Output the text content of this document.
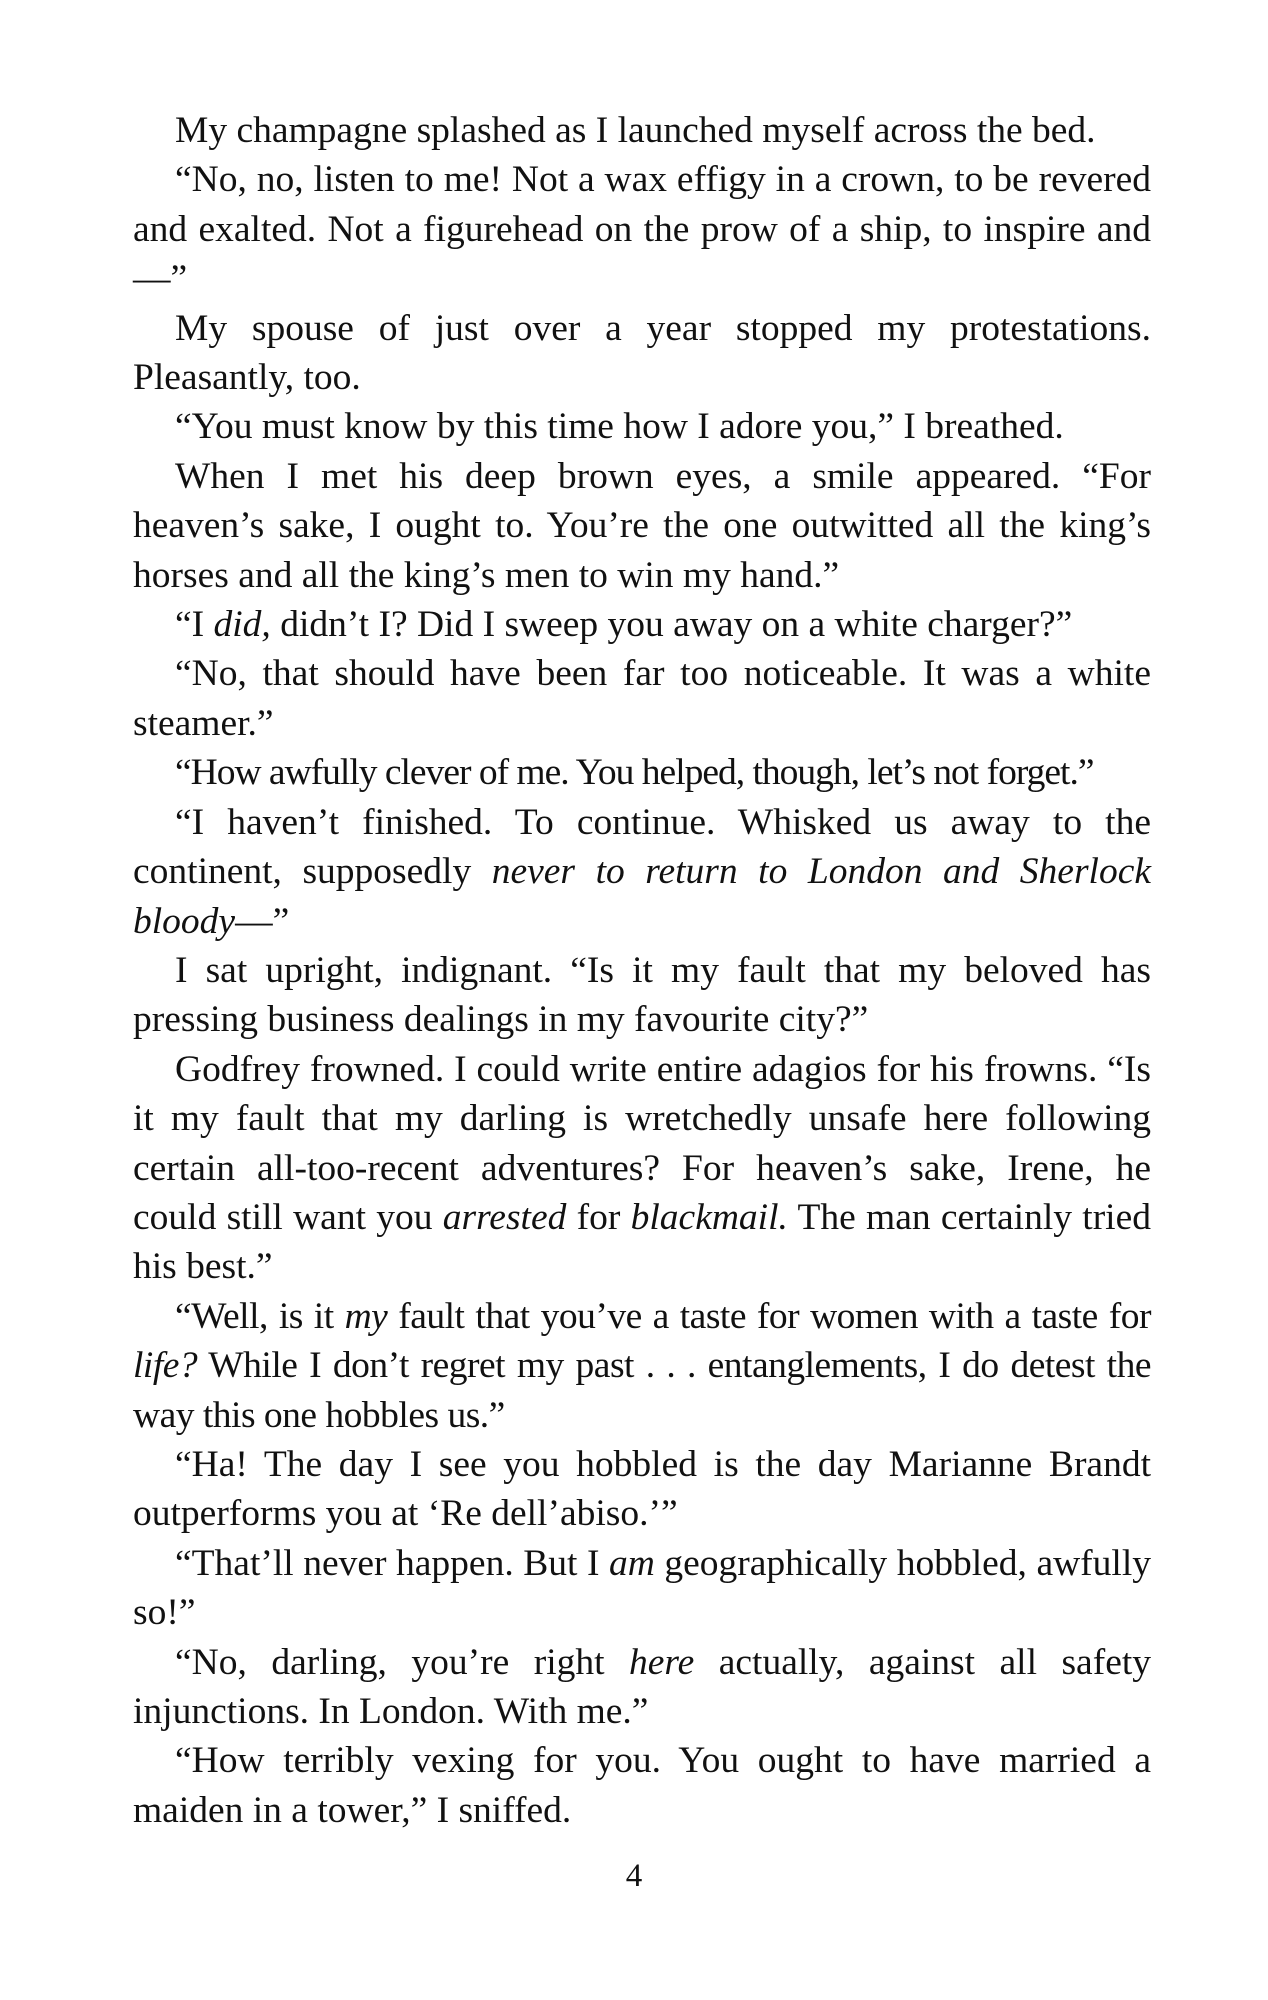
My champagne splashed as I launched myself across the bed.

“No, no, listen to me! Not a wax effigy in a crown, to be revered and exalted. Not a figurehead on the prow of a ship, to inspire and—”

My spouse of just over a year stopped my protestations. Pleasantly, too.

“You must know by this time how I adore you,” I breathed.

When I met his deep brown eyes, a smile appeared. “For heaven’s sake, I ought to. You’re the one outwitted all the king’s horses and all the king’s men to win my hand.”

“I did, didn’t I? Did I sweep you away on a white charger?”

“No, that should have been far too noticeable. It was a white steamer.”

“How awfully clever of me. You helped, though, let’s not forget.”

“I haven’t finished. To continue. Whisked us away to the continent, supposedly never to return to London and Sherlock bloody—”

I sat upright, indignant. “Is it my fault that my beloved has pressing business dealings in my favourite city?”

Godfrey frowned. I could write entire adagios for his frowns. “Is it my fault that my darling is wretchedly unsafe here following certain all-too-recent adventures? For heaven’s sake, Irene, he could still want you arrested for blackmail. The man certainly tried his best.”

“Well, is it my fault that you’ve a taste for women with a taste for life? While I don’t regret my past . . . entanglements, I do detest the way this one hobbles us.”

“Ha! The day I see you hobbled is the day Marianne Brandt outperforms you at ‘Re dell’abiso.’”

“That’ll never happen. But I am geographically hobbled, awfully so!”

“No, darling, you’re right here actually, against all safety injunctions. In London. With me.”

“How terribly vexing for you. You ought to have married a maiden in a tower,” I sniffed.

4
